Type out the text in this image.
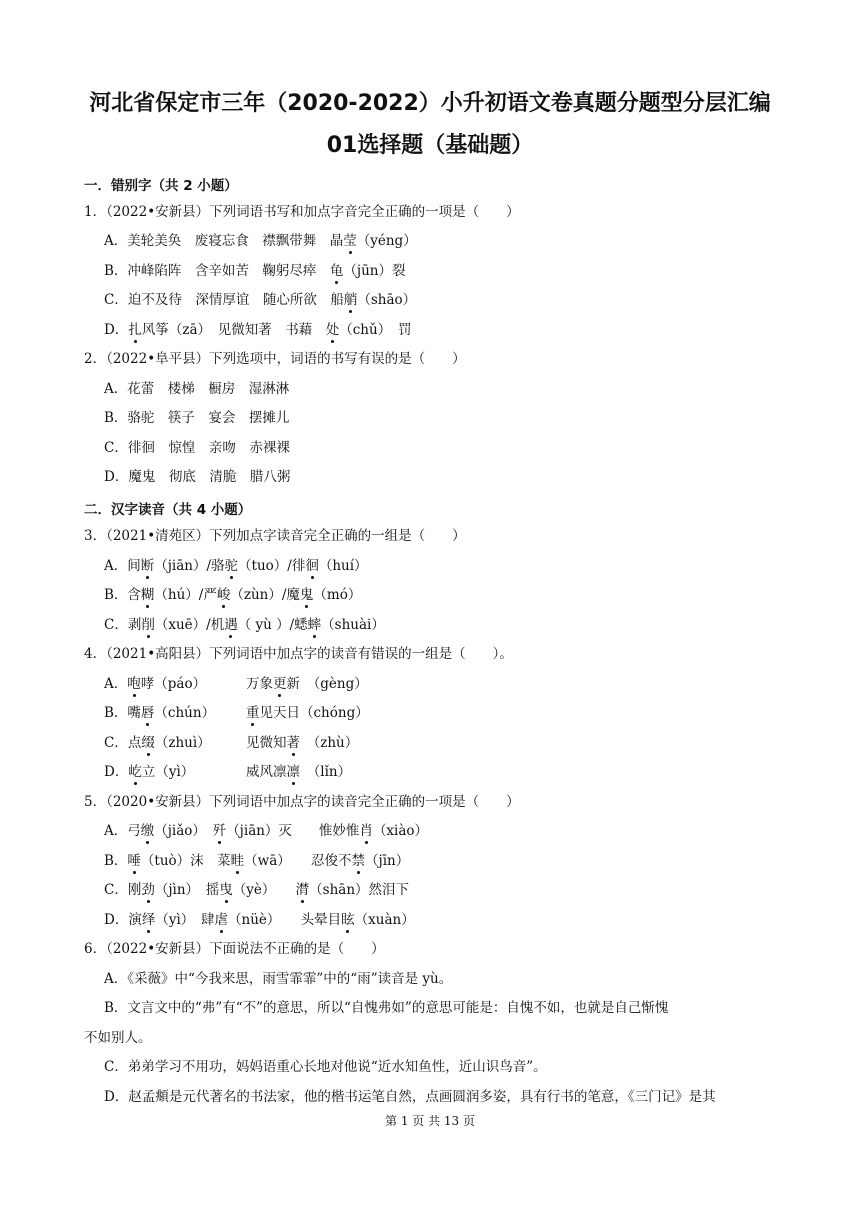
河北省保定市三年（2020-2022）小升初语文卷真题分题型分层汇编
01选择题（基础题）
一．错别字（共 2 小题）
1．（2022•安新县）下列词语书写和加点字音完全正确的一项是（　　）
A．美轮美奂　废寝忘食　襟飘带舞　晶莹（yéng）
B．冲峰陷阵　含辛如苦　鞠躬尽瘁　龟（jūn）裂
C．迫不及待　深情厚谊　随心所欲　船艄（shāo）
D．扎风筝（zā）　见微知著　书藉　处（chǔ）　罚
2．（2022•阜平县）下列选项中，词语的书写有误的是（　　）
A．花蕾　楼梯　橱房　湿淋淋
B．骆驼　筷子　宴会　摆摊儿
C．徘徊　惊惶　亲吻　赤裸裸
D．魔鬼　彻底　清脆　腊八粥
二．汉字读音（共 4 小题）
3．（2021•清苑区）下列加点字读音完全正确的一组是（　　）
A．间断（jiān）/骆驼（tuo）/徘徊（huí）
B．含糊（hú）/严峻（zùn）/魔鬼（mó）
C．剥削（xuē）/机遇（ yù ）/蟋蟀（shuài）
4．（2021•高阳县）下列词语中加点字的读音有错误的一组是（　　）。
A．咆哮（páo）	万象更新　（gèng）
B．嘴唇（chún） 重见天日（chóng）
C．点缀（zhuì）	见微知著　（zhù）
D．屹立（yì）	威风凛凛　（lǐn）
5．（2020•安新县）下列词语中加点字的读音完全正确的一项是（　　）
A．弓缴（jiǎo）　歼（jiān）灭　　惟妙惟肖（xiào）
B．唾（tuò）沫　菜畦（wā）　　忍俊不禁（jīn）
C．刚劲（jìn）　摇曳（yè）　　潸（shān）然泪下
D．演绎（yì）　肆虐（nüè）　　头晕目眩（xuàn）
6．（2022•安新县）下面说法不正确的是（　　）
A．《采薇》中“今我来思，雨雪霏霏”中的“雨”读音是 yù。
B．文言文中的“弗”有“不”的意思，所以“自愧弗如”的意思可能是：自愧不如，也就是自己惭愧
不如别人。
C．弟弟学习不用功，妈妈语重心长地对他说“近水知鱼性，近山识鸟音”。
D．赵孟頫是元代著名的书法家，他的楷书运笔自然，点画圆润多姿，具有行书的笔意，《三门记》是其
第 1 页 共 13 页
